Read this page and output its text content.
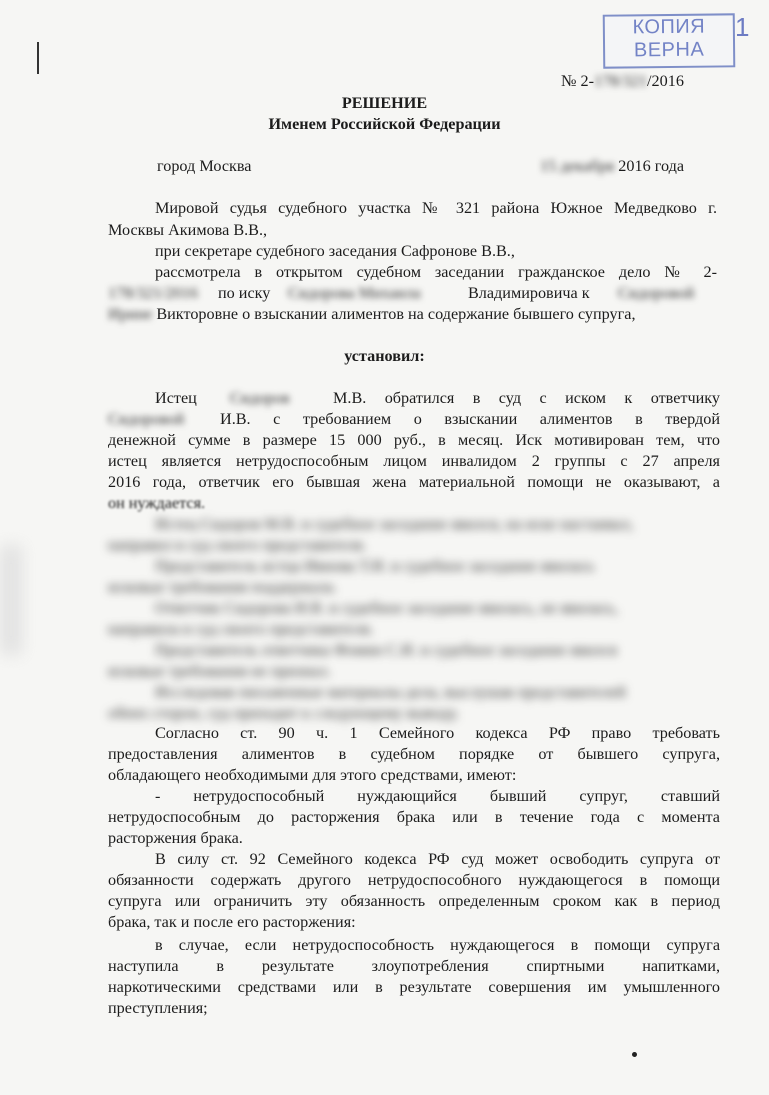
КОПИЯ
ВЕРНА
1
№ 2-178/321/2016
РЕШЕНИЕ
Именем Российской Федерации
город Москва	15 декабря 2016 года
Мировой судья судебного участка № 321 района Южное Медведково г.
Москвы Акимова В.В.,
при секретаре судебного заседания Сафронове В.В.,
рассмотрела в открытом судебном заседании гражданское дело № 2-
178/321/2016 по иску Сидорова Михаила	Владимировича к Сидоровой
Ирине Викторовне о взыскании алиментов на содержание бывшего супруга,
установил:
Истец Сидоров	М.В. обратился в суд с иском к ответчику
Сидоровой И.В. с требованием о взыскании алиментов в твердой
денежной сумме в размере 15 000 руб., в месяц. Иск мотивирован тем, что
истец является нетрудоспособным лицом инвалидом 2 группы с 27 апреля
2016 года, ответчик его бывшая жена материальной помощи не оказывают, а
он нуждается.
Истец Сидоров М.В. в судебное заседание явился, на иске настаивал,
направил в суд своего представителя.
Представитель истца Ивнова Т.И. в судебное заседание явилась
исковые требования поддержала.
Ответчик Сидорова И.В. в судебное заседание явилась, не явилась,
направила в суд своего представителя.
Представитель ответчика Фомин С.И. в судебное заседание явился
исковые требования не признал.
Исследовав письменные материалы дела, выслушав представителей
обеих сторон, суд приходит к следующему выводу.
Согласно ст. 90 ч. 1 Семейного кодекса РФ право требовать
предоставления алиментов в судебном порядке от бывшего супруга,
обладающего необходимыми для этого средствами, имеют:
- нетрудоспособный нуждающийся бывший супруг, ставший
нетрудоспособным до расторжения брака или в течение года с момента
расторжения брака.
В силу ст. 92 Семейного кодекса РФ суд может освободить супруга от
обязанности содержать другого нетрудоспособного нуждающегося в помощи
супруга или ограничить эту обязанность определенным сроком как в период
брака, так и после его расторжения:
в случае, если нетрудоспособность нуждающегося в помощи супруга
наступила в результате злоупотребления спиртными напитками,
наркотическими средствами или в результате совершения им умышленного
преступления;
